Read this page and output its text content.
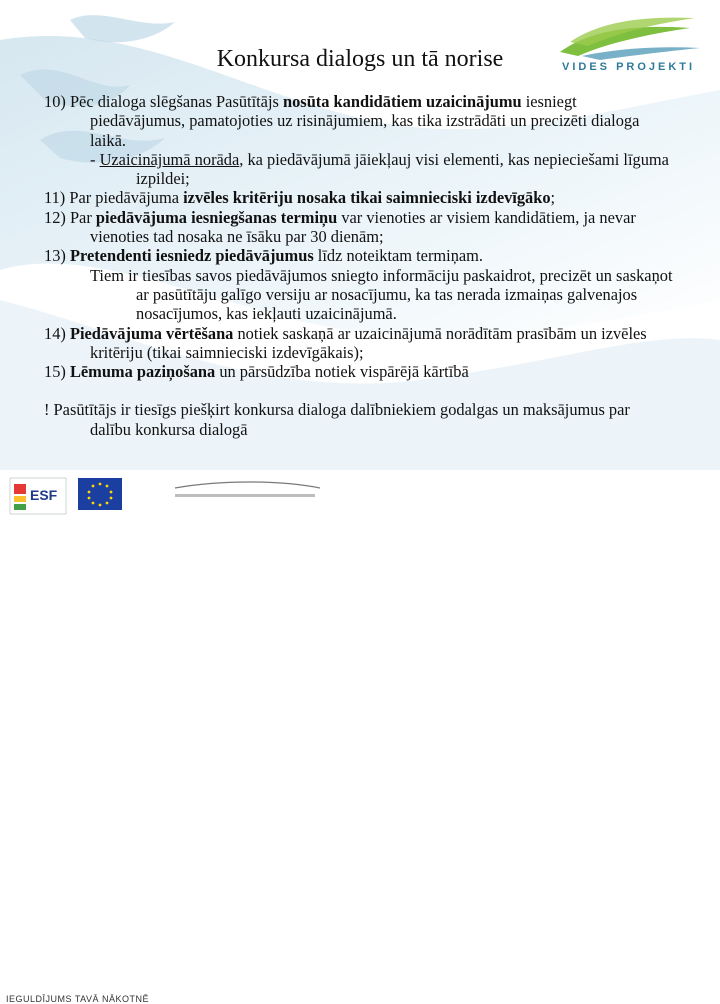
VIDES PROJEKTI
Konkursa dialogs un tā norise

10) Pēc dialoga slēgšanas Pasūtītājs nosūta kandidātiem uzaicinājumu iesniegt piedāvājumus, pamatojoties uz risinājumiem, kas tika izstrādāti un precizēti dialoga laikā.

- Uzaicinājumā norāda, ka piedāvājumā jāiekļauj visi elementi, kas nepieciešami līguma izpildei;

11) Par piedāvājuma izvēles kritēriju nosaka tikai saimnieciski izdevīgāko;

12) Par piedāvājuma iesniegšanas termiņu var vienoties ar visiem kandidātiem, ja nevar vienoties tad nosaka ne īsāku par 30 dienām;

13) Pretendenti iesniedz piedāvājumus līdz noteiktam termiņam.

Tiem ir tiesības savos piedāvājumos sniegto informāciju paskaidrot, precizēt un saskaņot ar pasūtītāju galīgo versiju ar nosacījumu, ka tas nerada izmaiņas galvenajos nosacījumos, kas iekļauti uzaicinājumā.

14) Piedāvājuma vērtēšana notiek saskaņā ar uzaicinājumā norādītām prasībām un izvēles kritēriju (tikai saimnieciski izdevīgākais);

15) Lēmuma paziņošana un pārsūdzība notiek vispārējā kārtībā

! Pasūtītājs ir tiesīgs piešķirt konkursa dialoga dalībniekiem godalgas un maksājumus par dalību konkursa dialogā

ESF
IEGULDĪJUMS TAVĀ NĀKOTNĒ
